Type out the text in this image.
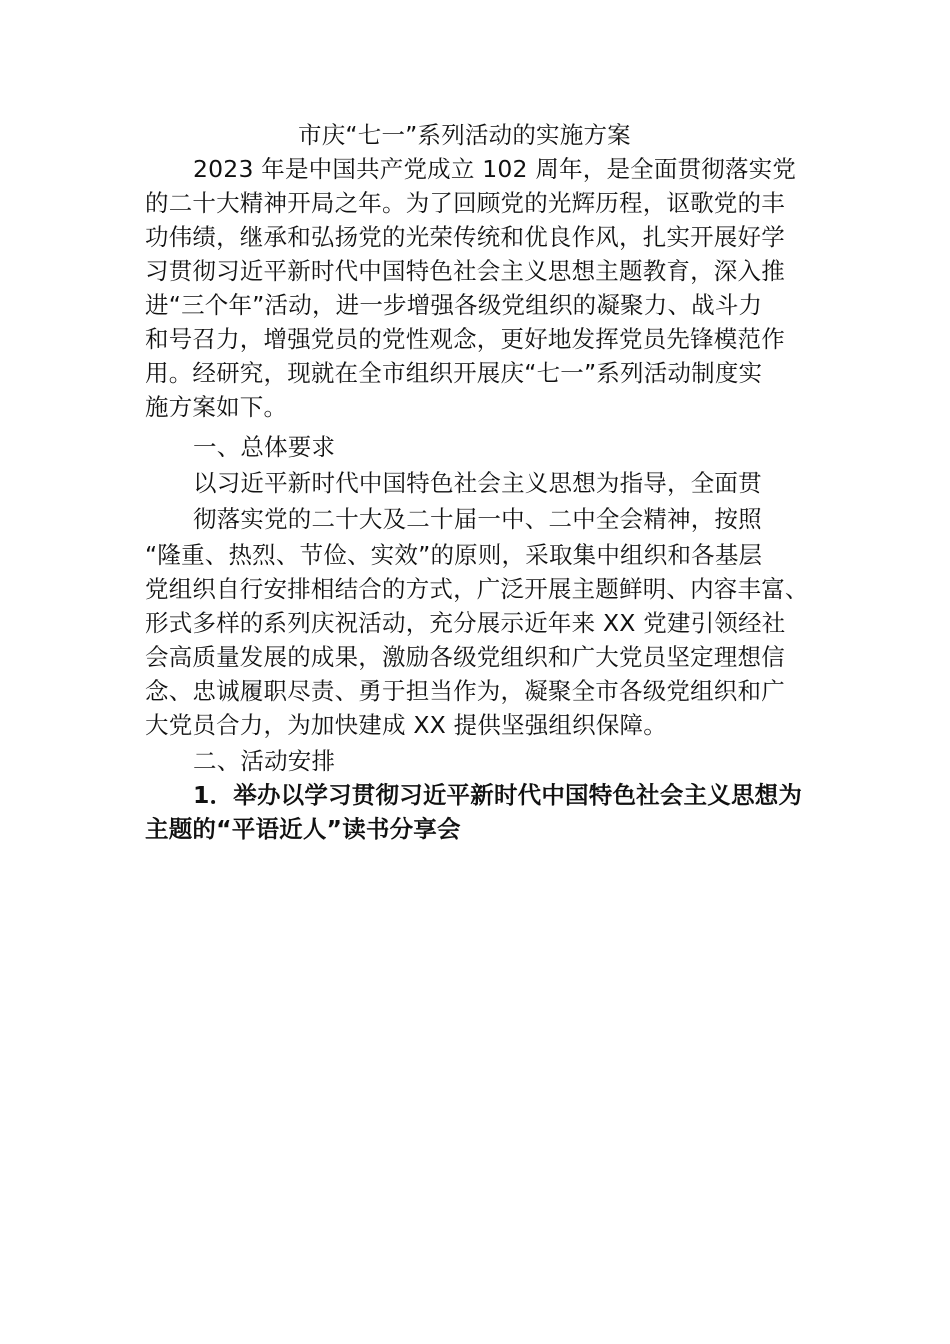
市庆“七一”系列活动的实施方案
2023 年是中国共产党成立 102 周年，是全面贯彻落实党
的二十大精神开局之年。为了回顾党的光辉历程，讴歌党的丰
功伟绩，继承和弘扬党的光荣传统和优良作风，扎实开展好学
习贯彻习近平新时代中国特色社会主义思想主题教育，深入推
进“三个年”活动，进一步增强各级党组织的凝聚力、战斗力
和号召力，增强党员的党性观念，更好地发挥党员先锋模范作
用。经研究，现就在全市组织开展庆“七一”系列活动制度实
施方案如下。
一、总体要求
以习近平新时代中国特色社会主义思想为指导，全面贯
彻落实党的二十大及二十届一中、二中全会精神，按照
“隆重、热烈、节俭、实效”的原则，采取集中组织和各基层
党组织自行安排相结合的方式，广泛开展主题鲜明、内容丰富、
形式多样的系列庆祝活动，充分展示近年来 XX 党建引领经社
会高质量发展的成果，激励各级党组织和广大党员坚定理想信
念、忠诚履职尽责、勇于担当作为，凝聚全市各级党组织和广
大党员合力，为加快建成 XX 提供坚强组织保障。
二、活动安排
1．举办以学习贯彻习近平新时代中国特色社会主义思想为
主题的“平语近人”读书分享会
